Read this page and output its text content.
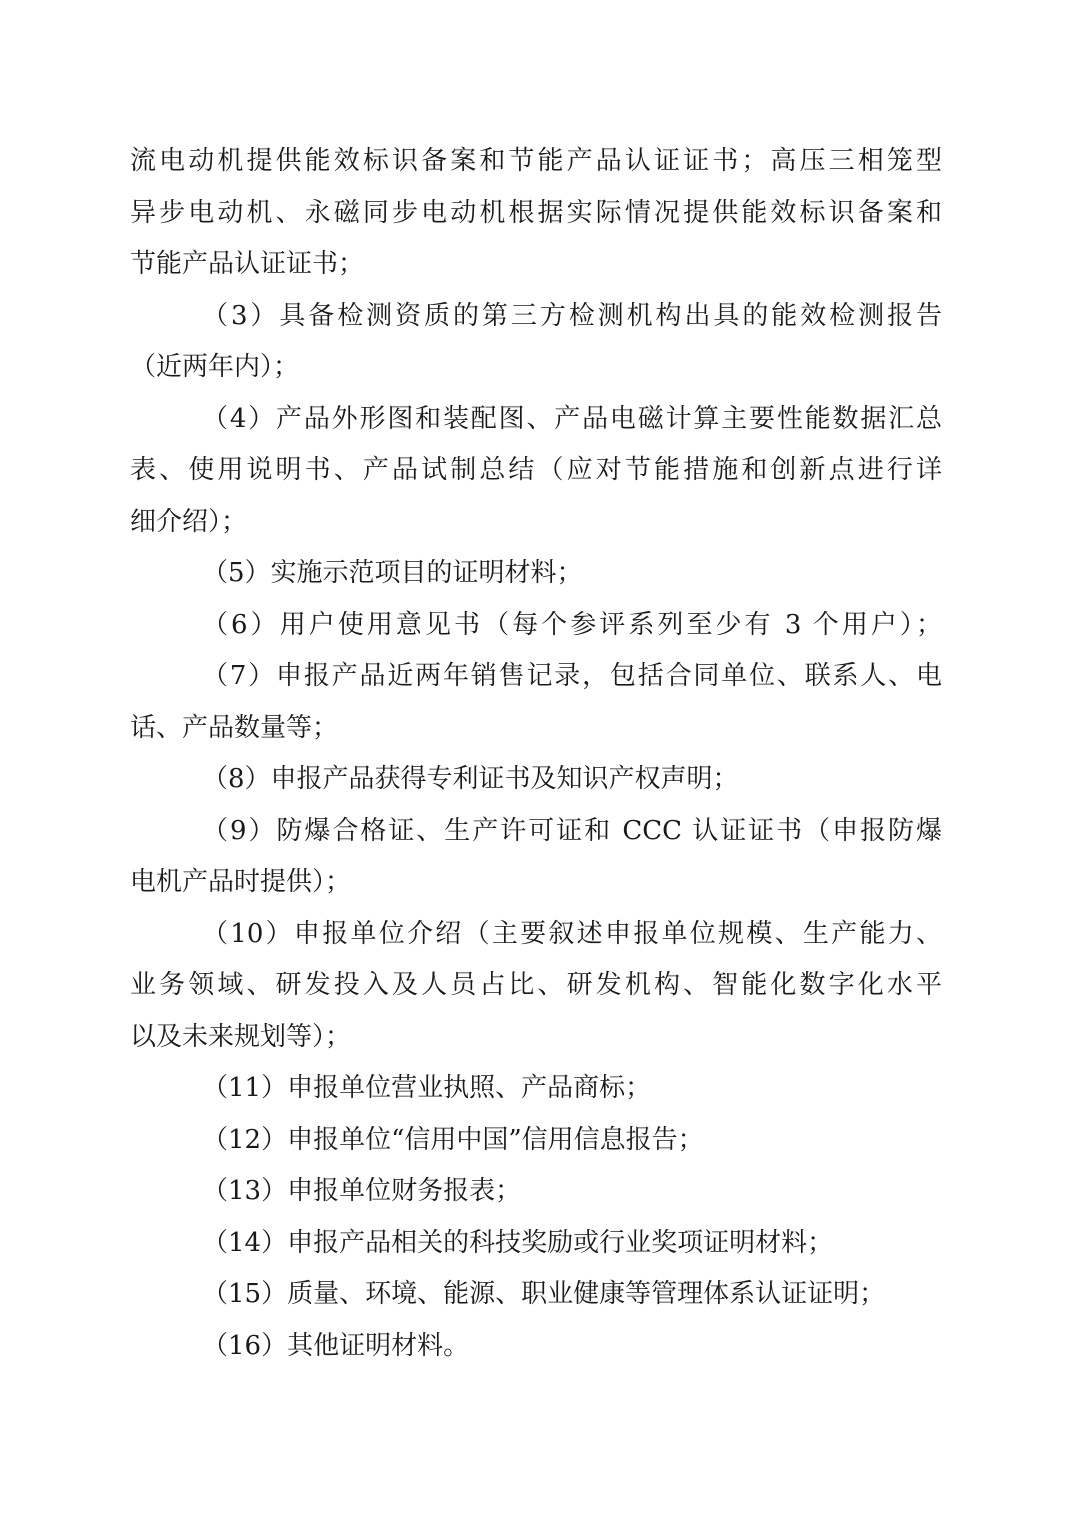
流电动机提供能效标识备案和节能产品认证证书；高压三相笼型
异步电动机、永磁同步电动机根据实际情况提供能效标识备案和
节能产品认证证书；
（3）具备检测资质的第三方检测机构出具的能效检测报告
（近两年内）；
（4）产品外形图和装配图、产品电磁计算主要性能数据汇总
表、使用说明书、产品试制总结（应对节能措施和创新点进行详
细介绍）；
（5）实施示范项目的证明材料；
（6）用户使用意见书（每个参评系列至少有 3 个用户）；
（7）申报产品近两年销售记录，包括合同单位、联系人、电
话、产品数量等；
（8）申报产品获得专利证书及知识产权声明；
（9）防爆合格证、生产许可证和 CCC 认证证书（申报防爆
电机产品时提供）；
（10）申报单位介绍（主要叙述申报单位规模、生产能力、
业务领域、研发投入及人员占比、研发机构、智能化数字化水平
以及未来规划等）；
（11）申报单位营业执照、产品商标；
（12）申报单位“信用中国”信用信息报告；
（13）申报单位财务报表；
（14）申报产品相关的科技奖励或行业奖项证明材料；
（15）质量、环境、能源、职业健康等管理体系认证证明；
（16）其他证明材料。
